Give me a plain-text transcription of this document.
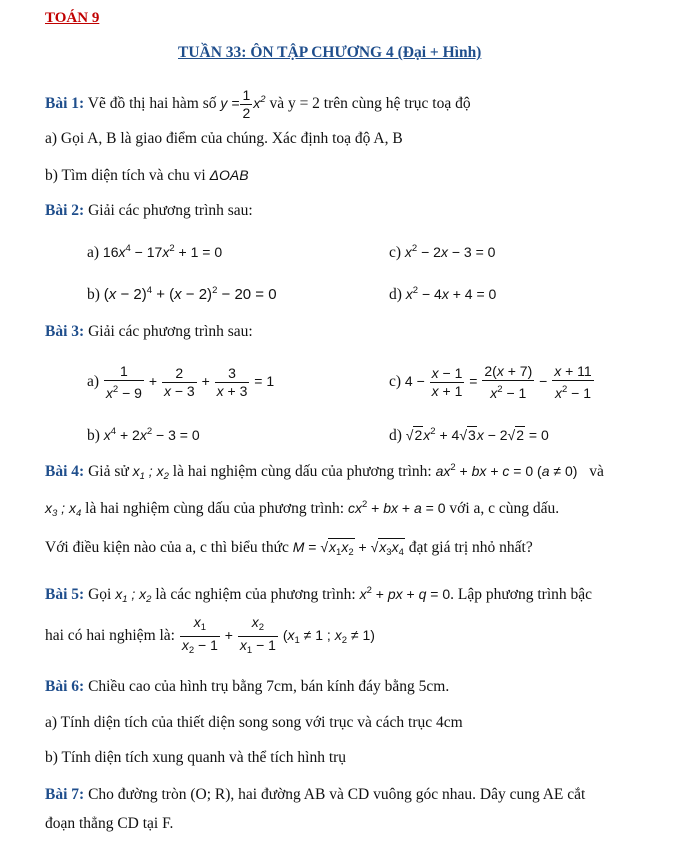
TOÁN 9
TUẦN 33: ÔN TẬP CHƯƠNG 4 (Đại + Hình)
Bài 1: Vẽ đồ thị hai hàm số $y = \frac{1}{2} x^2$ và y = 2 trên cùng hệ trục toạ độ
a) Gọi A, B là giao điểm của chúng. Xác định toạ độ A, B
b) Tìm diện tích và chu vi ΔOAB
Bài 2: Giải các phương trình sau:
a) $16x^4 - 17x^2 + 1 = 0$	c) $x^2 - 2x - 3 = 0$
b) $(x - 2)^4 + (x - 2)^2 - 20 = 0$	d) $x^2 - 4x + 4 = 0$
Bài 3: Giải các phương trình sau:
$a) \frac{1}{x^2 - 9} + \frac{2}{x - 3} + \frac{3}{x + 3} = 1$	c) $4 - \frac{x - 1}{x + 1} = \frac{2(x + 7)}{x^2 - 1} - \frac{x + 11}{x^2 - 1}$
b) $x^4 + 2x^2 - 3 = 0$	d) $√2x^2 + 4√3x - 2√2 = 0$
Bài 4: Giả sử $x_1$ ; $x_2$ là hai nghiệm cùng dấu của phương trình: $ax^2$ + bx + c = 0 (a ≠ 0) và
$x_3$ ; $x_4$ là hai nghiệm cùng dấu của phương trình: $cx^2$ + bx + a = 0 với a, c cùng dấu.
Với điều kiện nào của a, c thì biểu thức $M = √x_1x_2 + √x_3x_4$ đạt giá trị nhỏ nhất?
Bài 5: Gọi $x_1$ ; $x_2$ là các nghiệm của phương trình: $x^2$ + px + q = 0. Lập phương trình bậc
hai có hai nghiệm là: $\frac{x_1}{x_2 - 1} + \frac{x_2}{x_1 - 1} (x_1 \ne 1$ ; $x_2 \ne 1$)
Bài 6: Chiều cao của hình trụ bằng 7cm, bán kính đáy bằng 5cm.
a) Tính diện tích của thiết diện song song với trục và cách trục 4cm
b) Tính diện tích xung quanh và thể tích hình trụ
Bài 7: Cho đường tròn (O; R), hai đường AB và CD vuông góc nhau. Dây cung AE cắt
đoạn thẳng CD tại F.
